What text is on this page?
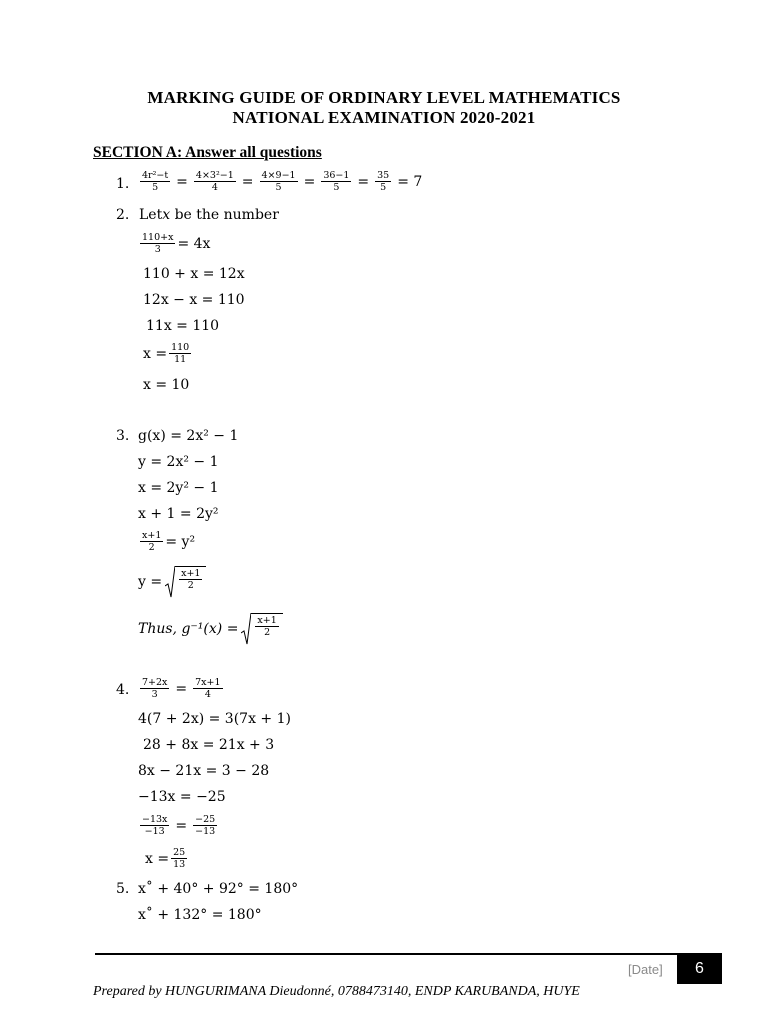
MARKING GUIDE OF ORDINARY LEVEL MATHEMATICS
NATIONAL EXAMINATION 2020-2021
SECTION A: Answer all questions
1. $\frac{\text{4r²−t}}{5} = \frac{\text{4×3²−1}}{4} = \frac{4\times 9-1}{5} = \frac{36-1}{5} = \frac{35}{5} = 7$
2. Let x be the number
$\frac{110+x}{3} = 4x$
110 + x = 12x
12x − x = 110
11x = 110
$x = \frac{110}{11}$
x = 10
3. g(x) = 2x² − 1
y = 2x² − 1
x = 2y² − 1
x + 1 = 2y²
$\frac{x+1}{2} = y^2$
$y = \frac{x+1}{2}$
Thus, $g^{-1}(x) = \frac{x+1}{2}$
4. $\frac{7+2x}{3} = \frac{7x+1}{4}$
4(7 + 2x) = 3(7x + 1)
28 + 8x = 21x + 3
8x − 21x = 3 − 28
−13x = −25
$\frac{-13x}{-13} = \frac{-25}{-13}$
$x = \frac{25}{13}$
5. x˚ + 40° + 92° = 180°
x˚ + 132° = 180°
[Date]	6
Prepared by HUNGURIMANA Dieudonné, 0788473140, ENDP KARUBANDA, HUYE
